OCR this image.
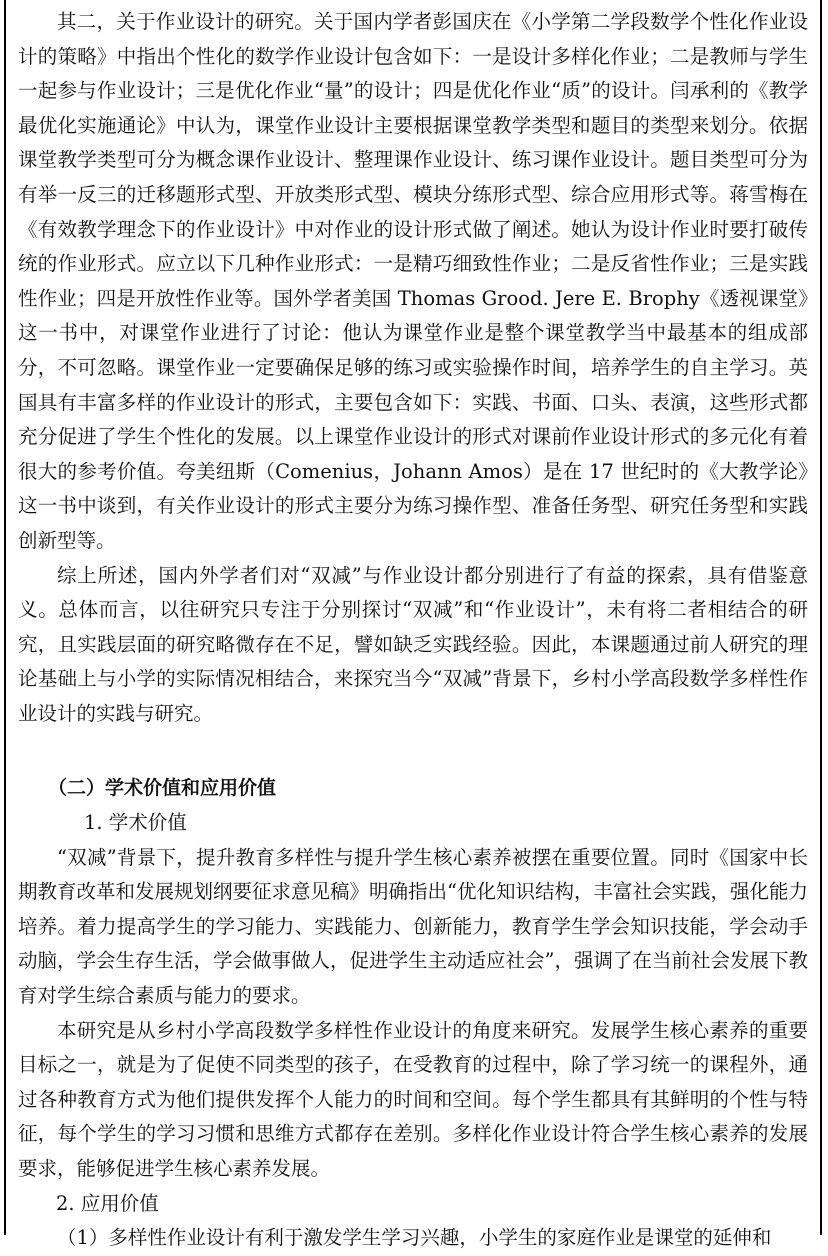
其二，关于作业设计的研究。关于国内学者彭国庆在《小学第二学段数学个性化作业设计的策略》中指出个性化的数学作业设计包含如下：一是设计多样化作业；二是教师与学生一起参与作业设计；三是优化作业“量”的设计；四是优化作业“质”的设计。闫承利的《教学最优化实施通论》中认为，课堂作业设计主要根据课堂教学类型和题目的类型来划分。依据课堂教学类型可分为概念课作业设计、整理课作业设计、练习课作业设计。题目类型可分为有举一反三的迁移题形式型、开放类形式型、模块分练形式型、综合应用形式等。蒋雪梅在《有效教学理念下的作业设计》中对作业的设计形式做了阐述。她认为设计作业时要打破传统的作业形式。应立以下几种作业形式：一是精巧细致性作业；二是反省性作业；三是实践性作业；四是开放性作业等。国外学者美国 Thomas Grood. Jere E. Brophy《透视课堂》这一书中，对课堂作业进行了讨论：他认为课堂作业是整个课堂教学当中最基本的组成部分，不可忽略。课堂作业一定要确保足够的练习或实验操作时间，培养学生的自主学习。英国具有丰富多样的作业设计的形式，主要包含如下：实践、书面、口头、表演，这些形式都充分促进了学生个性化的发展。以上课堂作业设计的形式对课前作业设计形式的多元化有着很大的参考价值。夸美纽斯（Comenius，Johann Amos）是在 17 世纪时的《大教学论》这一书中谈到，有关作业设计的形式主要分为练习操作型、准备任务型、研究任务型和实践创新型等。

综上所述，国内外学者们对“双减”与作业设计都分别进行了有益的探索，具有借鉴意义。总体而言，以往研究只专注于分别探讨“双减”和“作业设计”，未有将二者相结合的研究，且实践层面的研究略微存在不足，譬如缺乏实践经验。因此，本课题通过前人研究的理论基础上与小学的实际情况相结合，来探究当今“双减”背景下，乡村小学高段数学多样性作业设计的实践与研究。

（二）学术价值和应用价值

1. 学术价值

“双减”背景下，提升教育多样性与提升学生核心素养被摆在重要位置。同时《国家中长期教育改革和发展规划纲要征求意见稿》明确指出“优化知识结构，丰富社会实践，强化能力培养。着力提高学生的学习能力、实践能力、创新能力，教育学生学会知识技能，学会动手动脑，学会生存生活，学会做事做人，促进学生主动适应社会”，强调了在当前社会发展下教育对学生综合素质与能力的要求。

本研究是从乡村小学高段数学多样性作业设计的角度来研究。发展学生核心素养的重要目标之一，就是为了促使不同类型的孩子，在受教育的过程中，除了学习统一的课程外，通过各种教育方式为他们提供发挥个人能力的时间和空间。每个学生都具有其鲜明的个性与特征，每个学生的学习习惯和思维方式都存在差别。多样化作业设计符合学生核心素养的发展要求，能够促进学生核心素养发展。

2. 应用价值

（1）多样性作业设计有利于激发学生学习兴趣，小学生的家庭作业是课堂的延伸和
